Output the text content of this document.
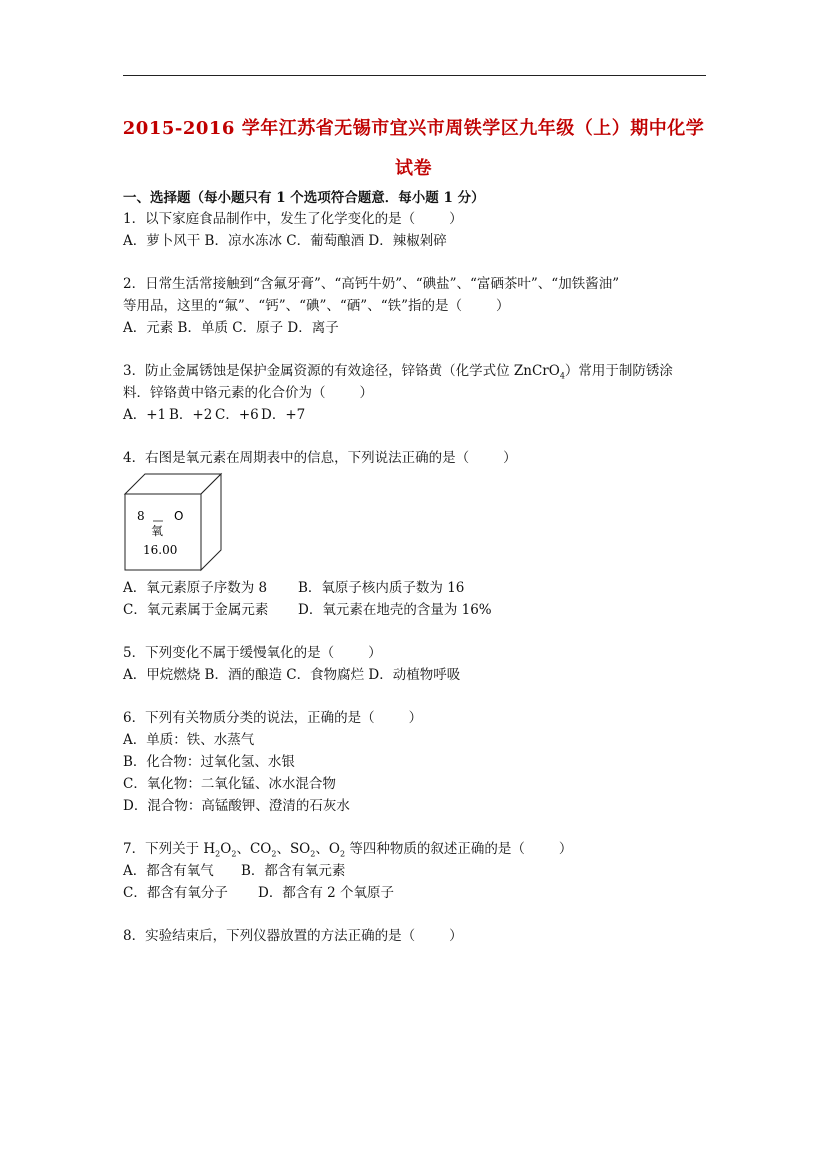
2015-2016 学年江苏省无锡市宜兴市周铁学区九年级（上）期中化学
试卷
一、选择题（每小题只有 1 个选项符合题意．每小题 1 分）
1．以下家庭食品制作中，发生了化学变化的是（	）
A．萝卜风干 B．凉水冻冰 C．葡萄酿酒 D．辣椒剁碎
2．日常生活常接触到“含氟牙膏”、“高钙牛奶”、“碘盐”、“富硒茶叶”、“加铁酱油”
等用品，这里的“氟”、“钙”、“碘”、“硒”、“铁”指的是（	）
A．元素 B．单质 C．原子 D．离子
3．防止金属锈蚀是保护金属资源的有效途径，锌铬黄（化学式位 ZnCrO$_4$）常用于制防锈涂
料．锌铬黄中铬元素的化合价为（	）
A．+1 B．+2 C．+6 D．+7
4．右图是氧元素在周期表中的信息，下列说法正确的是（	）
8 O
氧
16.00
A．氧元素原子序数为 8 B．氧原子核内质子数为 16
C．氧元素属于金属元素 D．氧元素在地壳的含量为 16%
5．下列变化不属于缓慢氧化的是（	）
A．甲烷燃烧 B．酒的酿造 C．食物腐烂 D．动植物呼吸
6．下列有关物质分类的说法，正确的是（	）
A．单质：铁、水蒸气
B．化合物：过氧化氢、水银
C．氧化物：二氧化锰、冰水混合物
D．混合物：高锰酸钾、澄清的石灰水
7．下列关于 $H_2O_2$、$CO_2$、$SO_2$、$O_2$ 等四种物质的叙述正确的是（	）
A．都含有氧气 B．都含有氧元素
C．都含有氧分子 D．都含有 2 个氧原子
8．实验结束后，下列仪器放置的方法正确的是（	）
